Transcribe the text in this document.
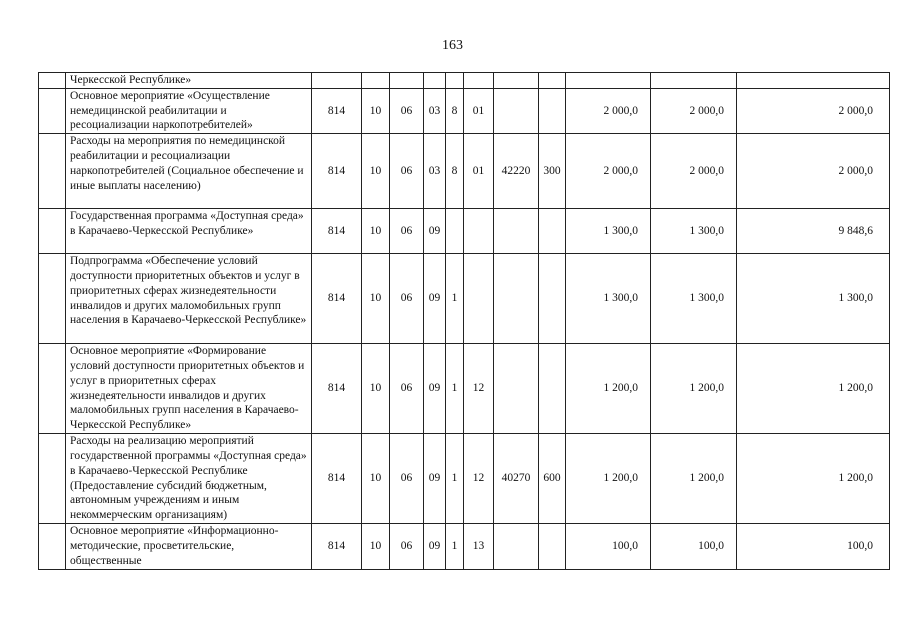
163
	Черкесской Республике»											
	Основное мероприятие «Осуществление немедицинской реабилитации и ресоциализации наркопотребителей»	814	10	06	03	8	01			2 000,0	2 000,0	2 000,0
	Расходы на мероприятия по немедицинской реабилитации и ресоциализации наркопотребителей (Социальное обеспечение и иные выплаты населению)	814	10	06	03	8	01	42220	300	2 000,0	2 000,0	2 000,0
	Государственная программа «Доступная среда» в Карачаево-Черкесской Республике»	814	10	06	09					1 300,0	1 300,0	9 848,6
	Подпрограмма «Обеспечение условий доступности приоритетных объектов и услуг в приоритетных сферах жизнедеятельности инвалидов и других маломобильных групп населения в Карачаево-Черкесской Республике»	814	10	06	09	1				1 300,0	1 300,0	1 300,0
	Основное мероприятие «Формирование условий доступности приоритетных объектов и услуг в приоритетных сферах жизнедеятельности инвалидов и других маломобильных групп населения в Карачаево-Черкесской Республике»	814	10	06	09	1	12			1 200,0	1 200,0	1 200,0
	Расходы на реализацию мероприятий государственной программы «Доступная среда» в Карачаево-Черкесской Республике (Предоставление субсидий бюджетным, автономным учреждениям и иным некоммерческим организациям)	814	10	06	09	1	12	40270	600	1 200,0	1 200,0	1 200,0
	Основное мероприятие «Информационно-методические, просветительские, общественные	814	10	06	09	1	13			100,0	100,0	100,0
